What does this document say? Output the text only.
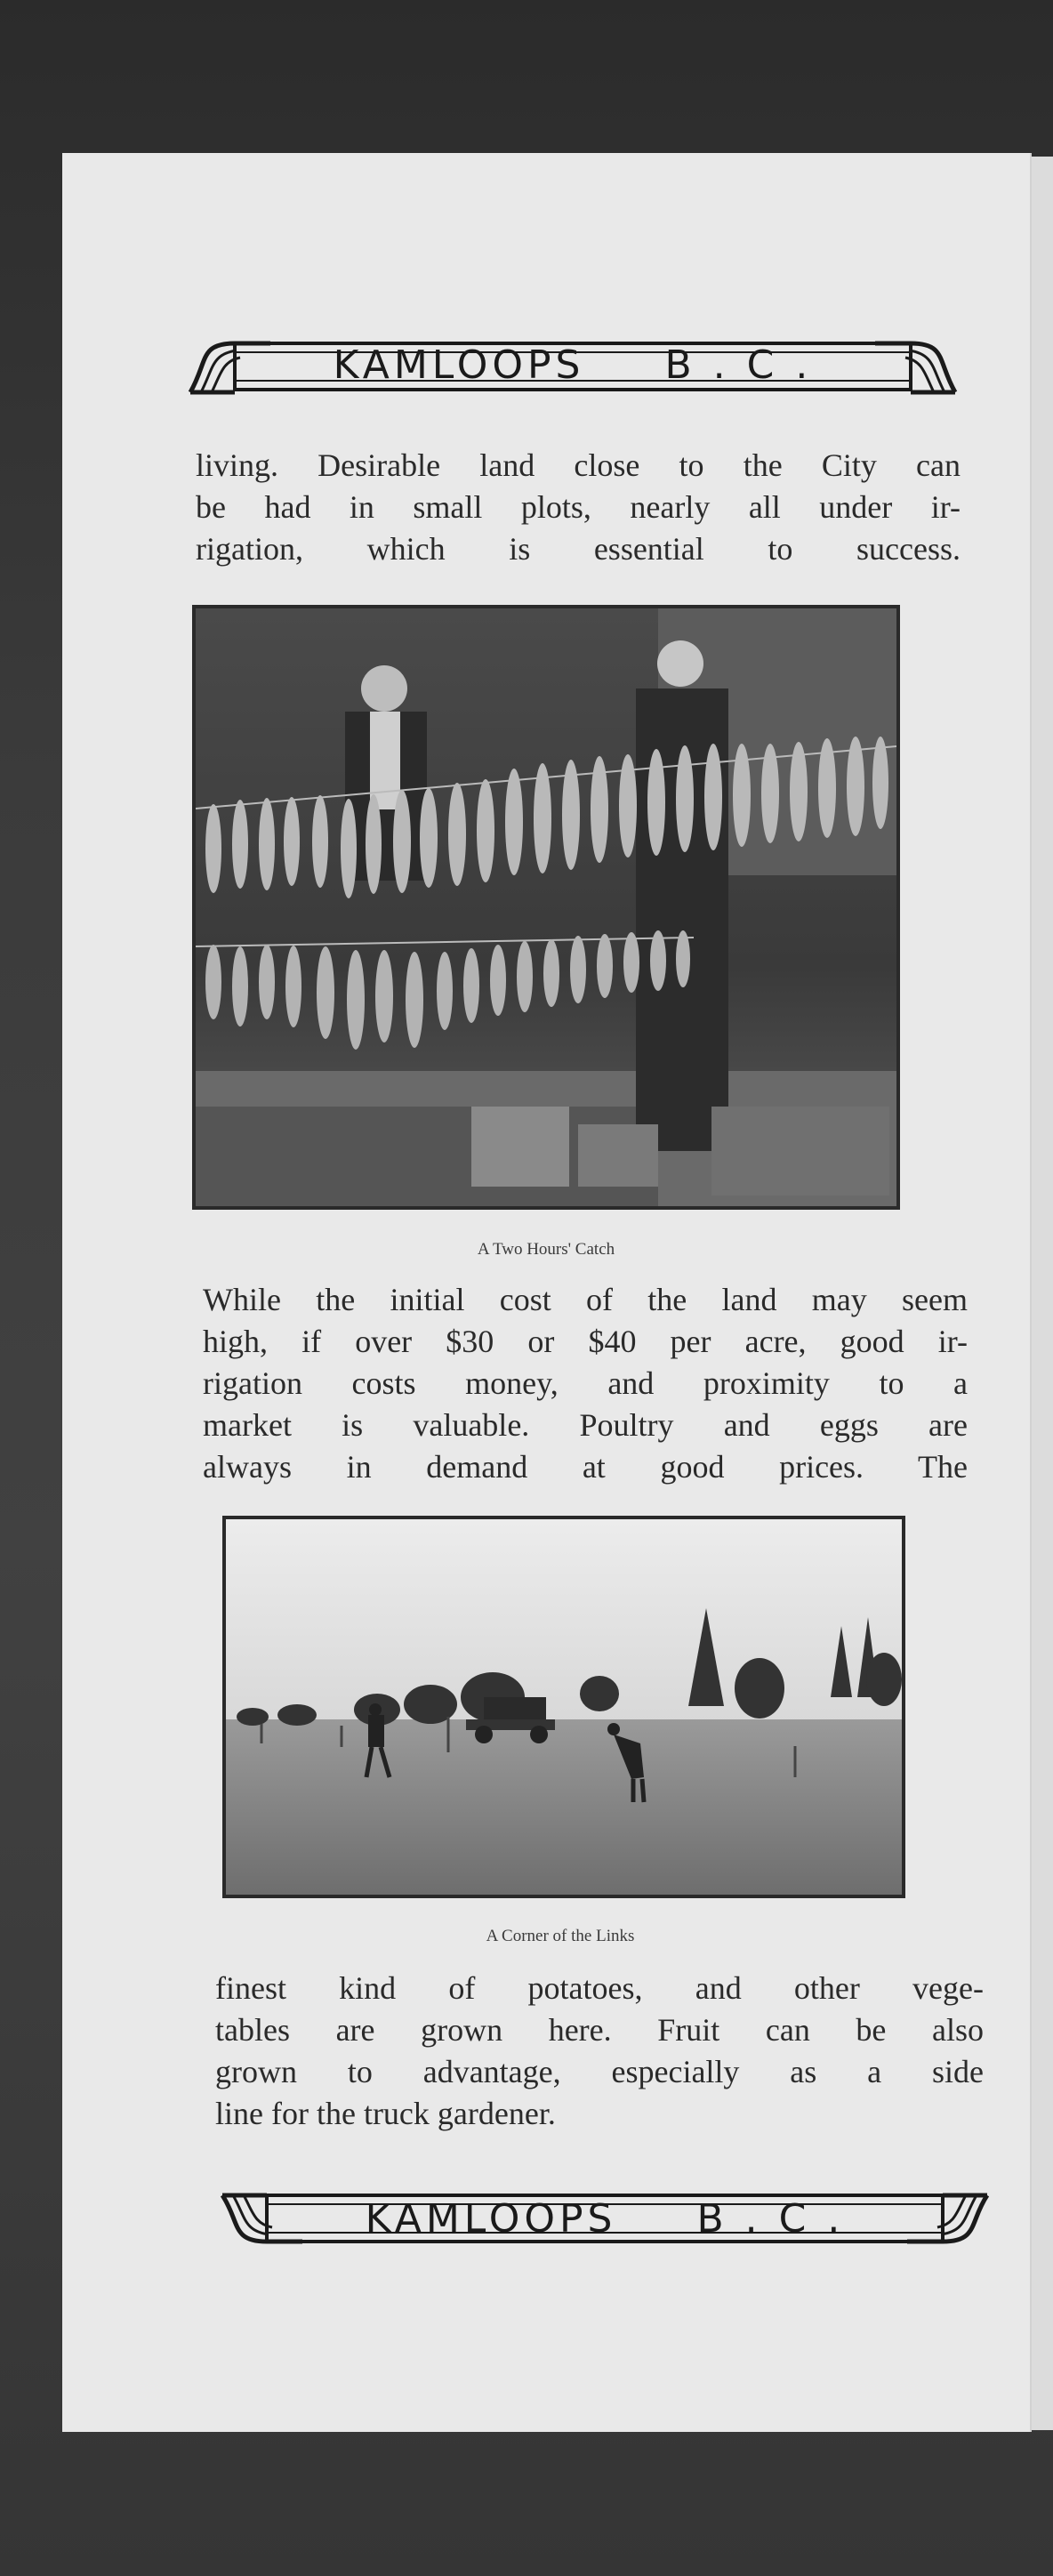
KAMLOOPS B . C .

living. Desirable land close to the City can

be had in small plots, nearly all under ir-

rigation, which is essential to success.

A Two Hours' Catch

While the initial cost of the land may seem

high, if over $30 or $40 per acre, good ir-

rigation costs money, and proximity to a

market is valuable. Poultry and eggs are

always in demand at good prices. The

A Corner of the Links

finest kind of potatoes, and other vege-

tables are grown here. Fruit can be also

grown to advantage, especially as a side

line for the truck gardener.

KAMLOOPS B . C .
